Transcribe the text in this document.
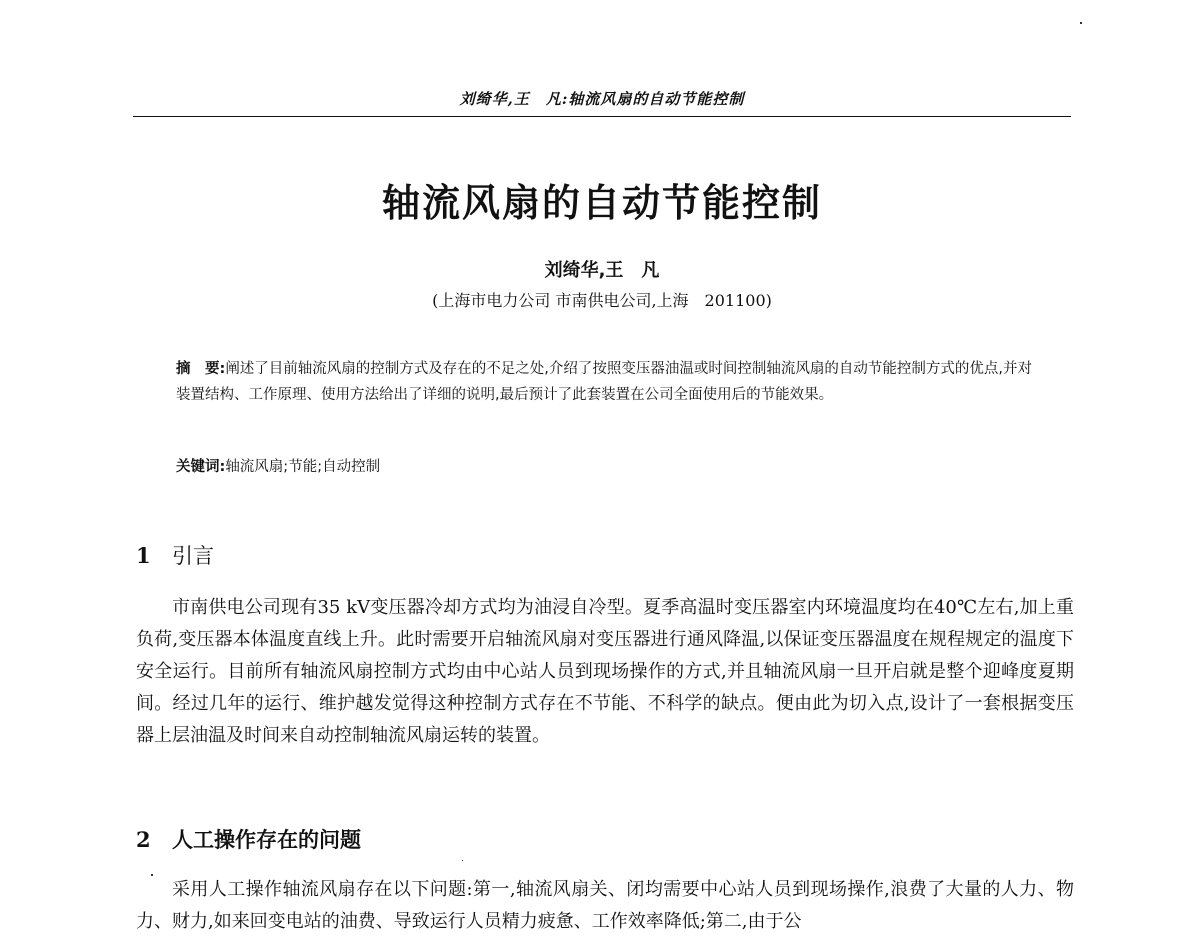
刘绮华,王　凡:轴流风扇的自动节能控制
轴流风扇的自动节能控制
刘绮华,王　凡
(上海市电力公司 市南供电公司,上海　201100)
摘　要:阐述了目前轴流风扇的控制方式及存在的不足之处,介绍了按照变压器油温或时间控制轴流风扇的自动节能控制方式的优点,并对装置结构、工作原理、使用方法给出了详细的说明,最后预计了此套装置在公司全面使用后的节能效果。
关键词:轴流风扇;节能;自动控制
1 引言
市南供电公司现有35 kV变压器冷却方式均为油浸自冷型。夏季高温时变压器室内环境温度均在40℃左右,加上重负荷,变压器本体温度直线上升。此时需要开启轴流风扇对变压器进行通风降温,以保证变压器温度在规程规定的温度下安全运行。目前所有轴流风扇控制方式均由中心站人员到现场操作的方式,并且轴流风扇一旦开启就是整个迎峰度夏期间。经过几年的运行、维护越发觉得这种控制方式存在不节能、不科学的缺点。便由此为切入点,设计了一套根据变压器上层油温及时间来自动控制轴流风扇运转的装置。
2 人工操作存在的问题
采用人工操作轴流风扇存在以下问题:第一,轴流风扇关、闭均需要中心站人员到现场操作,浪费了大量的人力、物力、财力,如来回变电站的油费、导致运行人员精力疲惫、工作效率降低;第二,由于公
